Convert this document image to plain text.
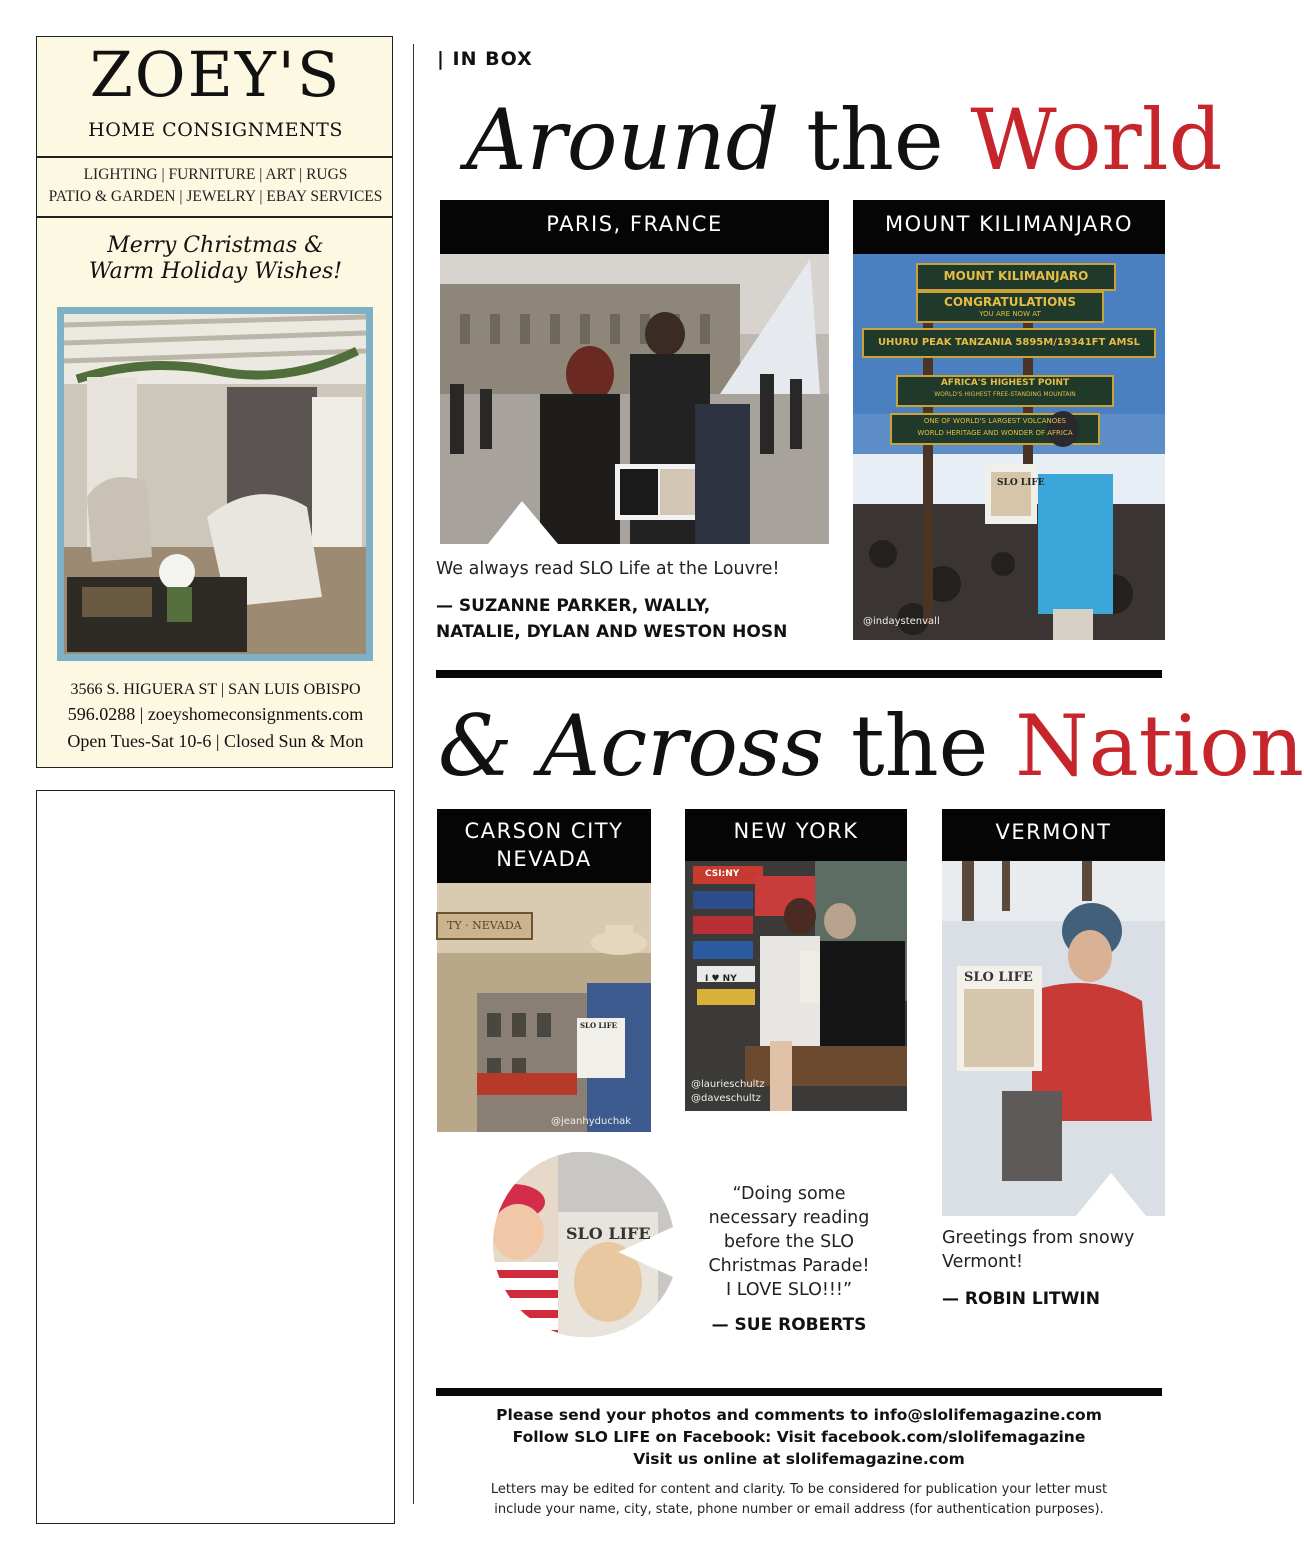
ZOEY'S
HOME CONSIGNMENTS
LIGHTING | FURNITURE | ART | RUGS
PATIO & GARDEN | JEWELRY | EBAY SERVICES
Merry Christmas &
Warm Holiday Wishes!
3566 S. HIGUERA ST | SAN LUIS OBISPO
596.0288 | zoeyshomeconsignments.com
Open Tues-Sat 10-6 | Closed Sun & Mon
| IN BOX
Around the World
PARIS, FRANCE
We always read SLO Life at the Louvre!
— SUZANNE PARKER, WALLY,
NATALIE, DYLAN AND WESTON HOSN
MOUNT KILIMANJARO
MOUNT KILIMANJARO
CONGRATULATIONS
YOU ARE NOW AT
UHURU PEAK TANZANIA 5895M/19341FT AMSL
AFRICA'S HIGHEST POINT
WORLD'S HIGHEST FREE-STANDING MOUNTAIN
ONE OF WORLD'S LARGEST VOLCANOES
WORLD HERITAGE AND WONDER OF AFRICA
SLO LIFE
@indaystenvall
& Across the Nation
CARSON CITY
NEVADA
TY · NEVADA
SLO LIFE
@jeanhyduchak
NEW YORK
CSI:NY
I ♥ NY
@laurieschultz
@daveschultz
VERMONT
SLO LIFE
Greetings from snowy
Vermont!
— ROBIN LITWIN
SLO LIFE
“Doing some
necessary reading
before the SLO
Christmas Parade!
I LOVE SLO!!!”
— SUE ROBERTS
Please send your photos and comments to info@slolifemagazine.com
Follow SLO LIFE on Facebook: Visit facebook.com/slolifemagazine
Visit us online at slolifemagazine.com
Letters may be edited for content and clarity. To be considered for publication your letter must
include your name, city, state, phone number or email address (for authentication purposes).
